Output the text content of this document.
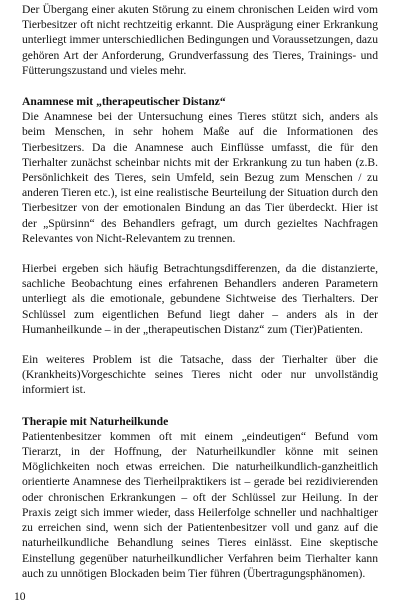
Der Übergang einer akuten Störung zu einem chronischen Leiden wird vom Tierbesitzer oft nicht rechtzeitig erkannt. Die Ausprägung einer Erkrankung unterliegt immer unterschiedlichen Bedingungen und Voraussetzungen, dazu gehören Art der Anforderung, Grundverfassung des Tieres, Trainings- und Fütterungszustand und vieles mehr.

Anamnese mit „therapeutischer Distanz“

Die Anamnese bei der Untersuchung eines Tieres stützt sich, anders als beim Menschen, in sehr hohem Maße auf die Informationen des Tierbesitzers. Da die Anamnese auch Einflüsse umfasst, die für den Tierhalter zunächst scheinbar nichts mit der Erkrankung zu tun haben (z.B. Persönlichkeit des Tieres, sein Umfeld, sein Bezug zum Menschen / zu anderen Tieren etc.), ist eine realistische Beurteilung der Situation durch den Tierbesitzer von der emotionalen Bindung an das Tier überdeckt. Hier ist der „Spürsinn“ des Behandlers gefragt, um durch gezieltes Nachfragen Relevantes von Nicht-Relevantem zu trennen.

Hierbei ergeben sich häufig Betrachtungsdifferenzen, da die distanzierte, sachliche Beobachtung eines erfahrenen Behandlers anderen Parametern unterliegt als die emotionale, gebundene Sichtweise des Tierhalters. Der Schlüssel zum eigentlichen Befund liegt daher – anders als in der Humanheilkunde – in der „therapeutischen Distanz“ zum (Tier)Patienten.

Ein weiteres Problem ist die Tatsache, dass der Tierhalter über die (Krankheits)Vorgeschichte seines Tieres nicht oder nur unvollständig informiert ist.

Therapie mit Naturheilkunde

Patientenbesitzer kommen oft mit einem „eindeutigen“ Befund vom Tierarzt, in der Hoffnung, der Naturheilkundler könne mit seinen Möglichkeiten noch etwas erreichen. Die naturheilkundlich-ganzheitlich orientierte Anamnese des Tierheilpraktikers ist – gerade bei rezidivierenden oder chronischen Erkrankungen – oft der Schlüssel zur Heilung. In der Praxis zeigt sich immer wieder, dass Heilerfolge schneller und nachhaltiger zu erreichen sind, wenn sich der Patientenbesitzer voll und ganz auf die naturheilkundliche Behandlung seines Tieres einlässt. Eine skeptische Einstellung gegenüber naturheilkundlicher Verfahren beim Tierhalter kann auch zu unnötigen Blockaden beim Tier führen (Übertragungsphänomen).

10
